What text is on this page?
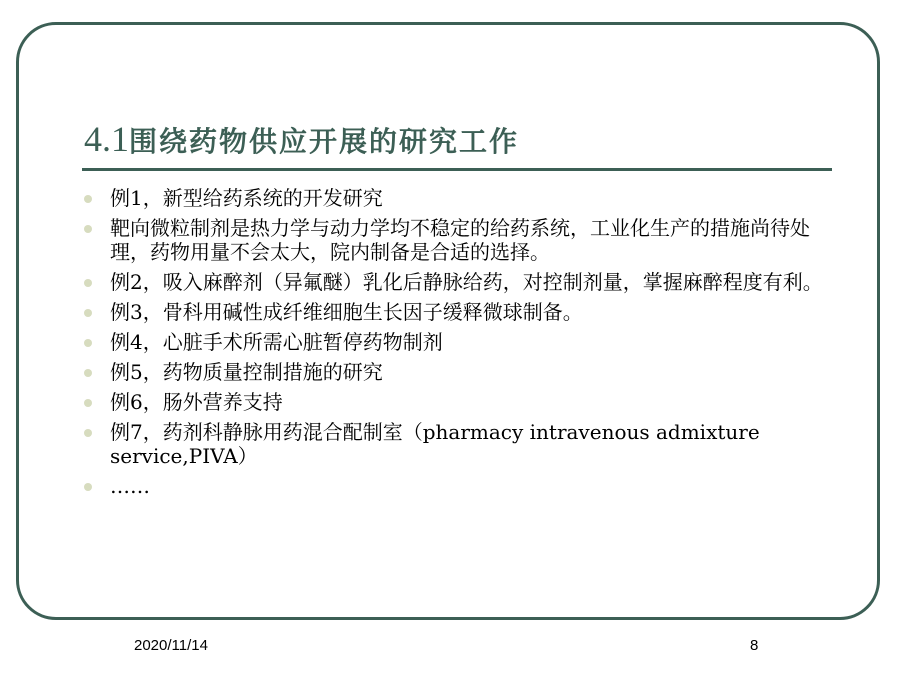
4.1围绕药物供应开展的研究工作
例1，新型给药系统的开发研究
靶向微粒制剂是热力学与动力学均不稳定的给药系统，工业化生产的措施尚待处理，药物用量不会太大，院内制备是合适的选择。
例2，吸入麻醉剂（异氟醚）乳化后静脉给药，对控制剂量，掌握麻醉程度有利。
例3，骨科用碱性成纤维细胞生长因子缓释微球制备。
例4，心脏手术所需心脏暂停药物制剂
例5，药物质量控制措施的研究
例6，肠外营养支持
例7，药剂科静脉用药混合配制室（pharmacy intravenous admixture service,PIVA）
……
2020/11/14	8
